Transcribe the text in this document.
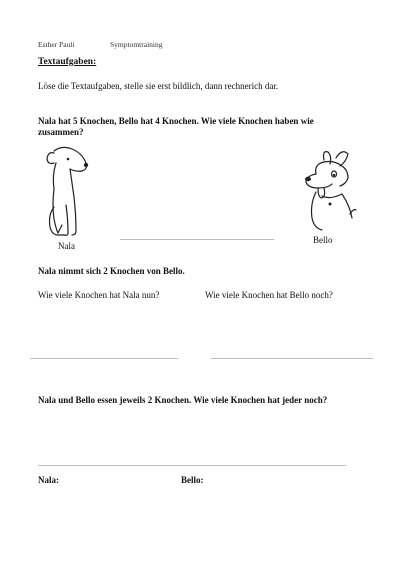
Esther Pauli	Symptomtraining
Textaufgaben:
Löse die Textaufgaben, stelle sie erst bildlich, dann rechnerich dar.
Nala hat 5 Knochen, Bello hat 4 Knochen. Wie viele Knochen haben wie zusammen?
Nala
Bello
Nala nimmt sich 2 Knochen von Bello.
Wie viele Knochen hat Nala nun?	Wie viele Knochen hat Bello noch?
Nala und Bello essen jeweils 2 Knochen. Wie viele Knochen hat jeder noch?
Nala:	Bello:
